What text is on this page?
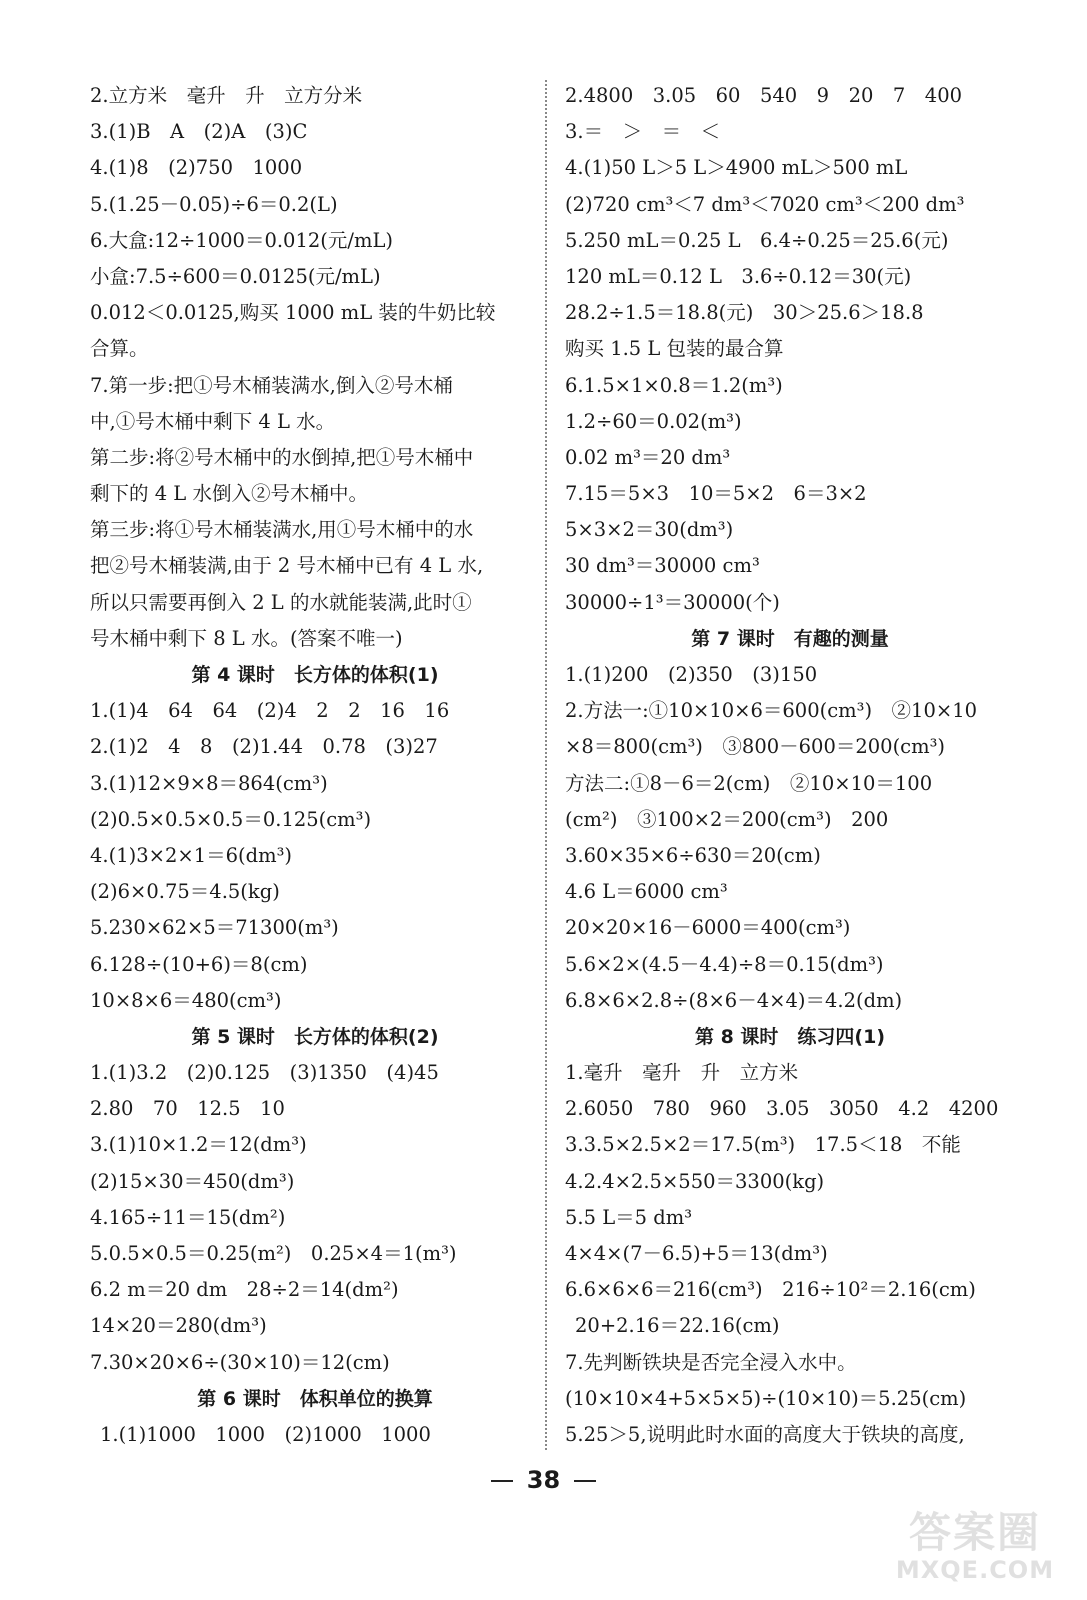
2.立方米　毫升　升　立方分米
3.(1)B　A　(2)A　(3)C
4.(1)8　(2)750　1000
5.(1.25－0.05)÷6＝0.2(L)
6.大盒:12÷1000＝0.012(元/mL)
小盒:7.5÷600＝0.0125(元/mL)
0.012＜0.0125,购买 1000 mL 装的牛奶比较
合算。
7.第一步:把①号木桶装满水,倒入②号木桶
中,①号木桶中剩下 4 L 水。
第二步:将②号木桶中的水倒掉,把①号木桶中
剩下的 4 L 水倒入②号木桶中。
第三步:将①号木桶装满水,用①号木桶中的水
把②号木桶装满,由于 2 号木桶中已有 4 L 水,
所以只需要再倒入 2 L 的水就能装满,此时①
号木桶中剩下 8 L 水。(答案不唯一)
第 4 课时　长方体的体积(1)
1.(1)4　64　64　(2)4　2　2　16　16
2.(1)2　4　8　(2)1.44　0.78　(3)27
3.(1)12×9×8＝864(cm³)
(2)0.5×0.5×0.5＝0.125(cm³)
4.(1)3×2×1＝6(dm³)
(2)6×0.75＝4.5(kg)
5.230×62×5＝71300(m³)
6.128÷(10+6)＝8(cm)
10×8×6＝480(cm³)
第 5 课时　长方体的体积(2)
1.(1)3.2　(2)0.125　(3)1350　(4)45
2.80　70　12.5　10
3.(1)10×1.2＝12(dm³)
(2)15×30＝450(dm³)
4.165÷11＝15(dm²)
5.0.5×0.5＝0.25(m²)　0.25×4＝1(m³)
6.2 m＝20 dm　28÷2＝14(dm²)
14×20＝280(dm³)
7.30×20×6÷(30×10)＝12(cm)
第 6 课时　体积单位的换算
1.(1)1000　1000　(2)1000　1000
2.4800　3.05　60　540　9　20　7　400
3.＝　＞　＝　＜
4.(1)50 L＞5 L＞4900 mL＞500 mL
(2)720 cm³＜7 dm³＜7020 cm³＜200 dm³
5.250 mL＝0.25 L　6.4÷0.25＝25.6(元)
120 mL＝0.12 L　3.6÷0.12＝30(元)
28.2÷1.5＝18.8(元)　30＞25.6＞18.8
购买 1.5 L 包装的最合算
6.1.5×1×0.8＝1.2(m³)
1.2÷60＝0.02(m³)
0.02 m³＝20 dm³
7.15＝5×3　10＝5×2　6＝3×2
5×3×2＝30(dm³)
30 dm³＝30000 cm³
30000÷1³＝30000(个)
第 7 课时　有趣的测量
1.(1)200　(2)350　(3)150
2.方法一:①10×10×6＝600(cm³)　②10×10
×8＝800(cm³)　③800－600＝200(cm³)
方法二:①8－6＝2(cm)　②10×10＝100
(cm²)　③100×2＝200(cm³)　200
3.60×35×6÷630＝20(cm)
4.6 L＝6000 cm³
20×20×16－6000＝400(cm³)
5.6×2×(4.5－4.4)÷8＝0.15(dm³)
6.8×6×2.8÷(8×6－4×4)＝4.2(dm)
第 8 课时　练习四(1)
1.毫升　毫升　升　立方米
2.6050　780　960　3.05　3050　4.2　4200
3.3.5×2.5×2＝17.5(m³)　17.5＜18　不能
4.2.4×2.5×550＝3300(kg)
5.5 L＝5 dm³
4×4×(7－6.5)+5＝13(dm³)
6.6×6×6＝216(cm³)　216÷10²＝2.16(cm)
20+2.16＝22.16(cm)
7.先判断铁块是否完全浸入水中。
(10×10×4+5×5×5)÷(10×10)＝5.25(cm)
5.25＞5,说明此时水面的高度大于铁块的高度,
38
答案圈
MXQE.COM
